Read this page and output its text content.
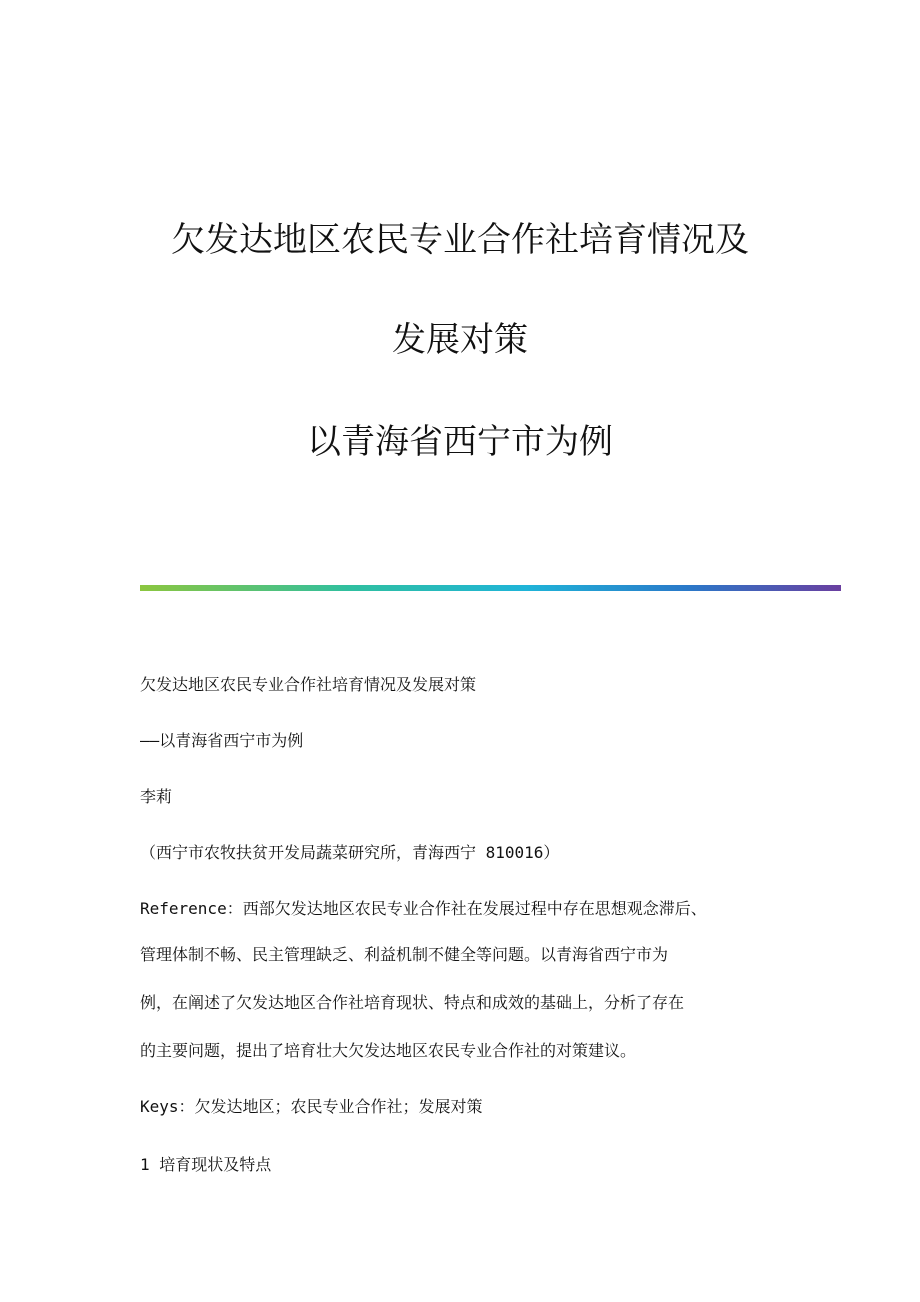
欠发达地区农民专业合作社培育情况及
发展对策
以青海省西宁市为例
欠发达地区农民专业合作社培育情况及发展对策
——以青海省西宁市为例
李莉
（西宁市农牧扶贫开发局蔬菜研究所，青海西宁 810016）
Reference：西部欠发达地区农民专业合作社在发展过程中存在思想观念滞后、
管理体制不畅、民主管理缺乏、利益机制不健全等问题。以青海省西宁市为
例，在阐述了欠发达地区合作社培育现状、特点和成效的基础上，分析了存在
的主要问题，提出了培育壮大欠发达地区农民专业合作社的对策建议。
Keys：欠发达地区；农民专业合作社；发展对策
1 培育现状及特点
